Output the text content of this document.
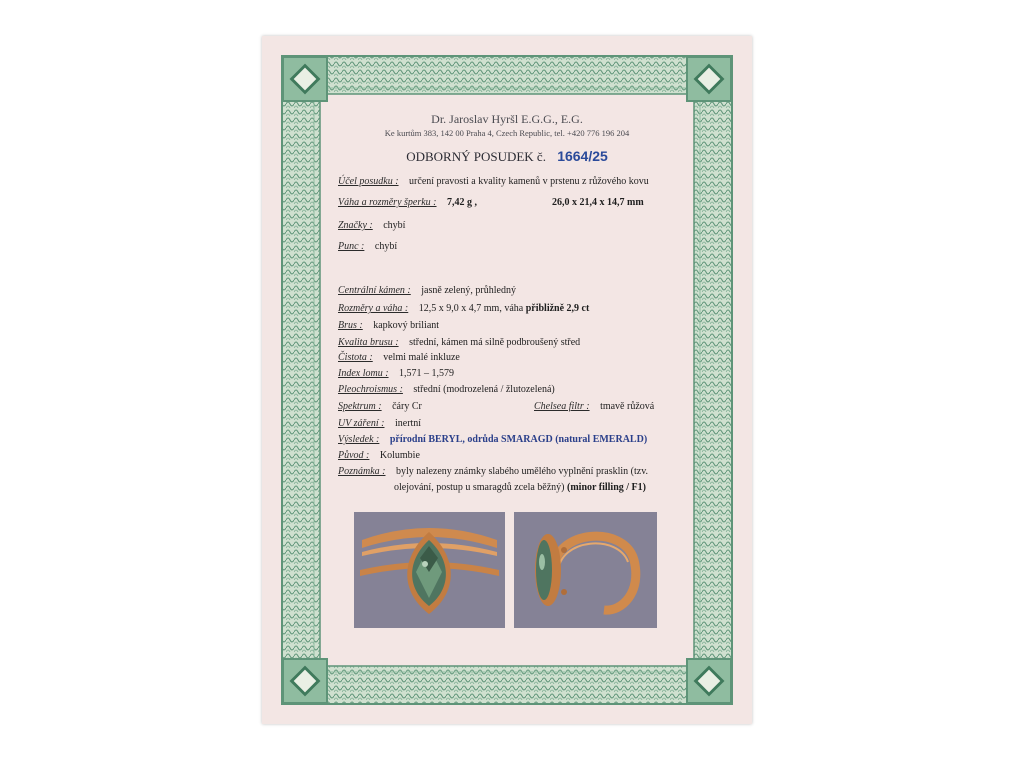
Dr. Jaroslav Hyršl E.G.G., E.G.
Ke kurtům 383, 142 00 Praha 4, Czech Republic, tel. +420 776 196 204
ODBORNÝ POSUDEK č. 1664/25
Účel posudku : určení pravosti a kvality kamenů v prstenu z růžového kovu
Váha a rozměry šperku : 7,42 g ,	26,0 x 21,4 x 14,7 mm
Značky : chybí
Punc : chybí
Centrální kámen : jasně zelený, průhledný
Rozměry a váha : 12,5 x 9,0 x 4,7 mm, váha přibližně 2,9 ct
Brus : kapkový briliant
Kvalita brusu : střední, kámen má silně podbroušený střed
Čistota : velmi malé inkluze
Index lomu : 1,571 – 1,579
Pleochroismus : střední (modrozelená / žlutozelená)
Spektrum : čáry Cr	Chelsea filtr : tmavě růžová
UV záření : inertní
Výsledek : přírodní BERYL, odrůda SMARAGD (natural EMERALD)
Původ : Kolumbie
Poznámka : byly nalezeny známky slabého umělého vyplnění prasklin (tzv.
olejování, postup u smaragdů zcela běžný) (minor filling / F1)
